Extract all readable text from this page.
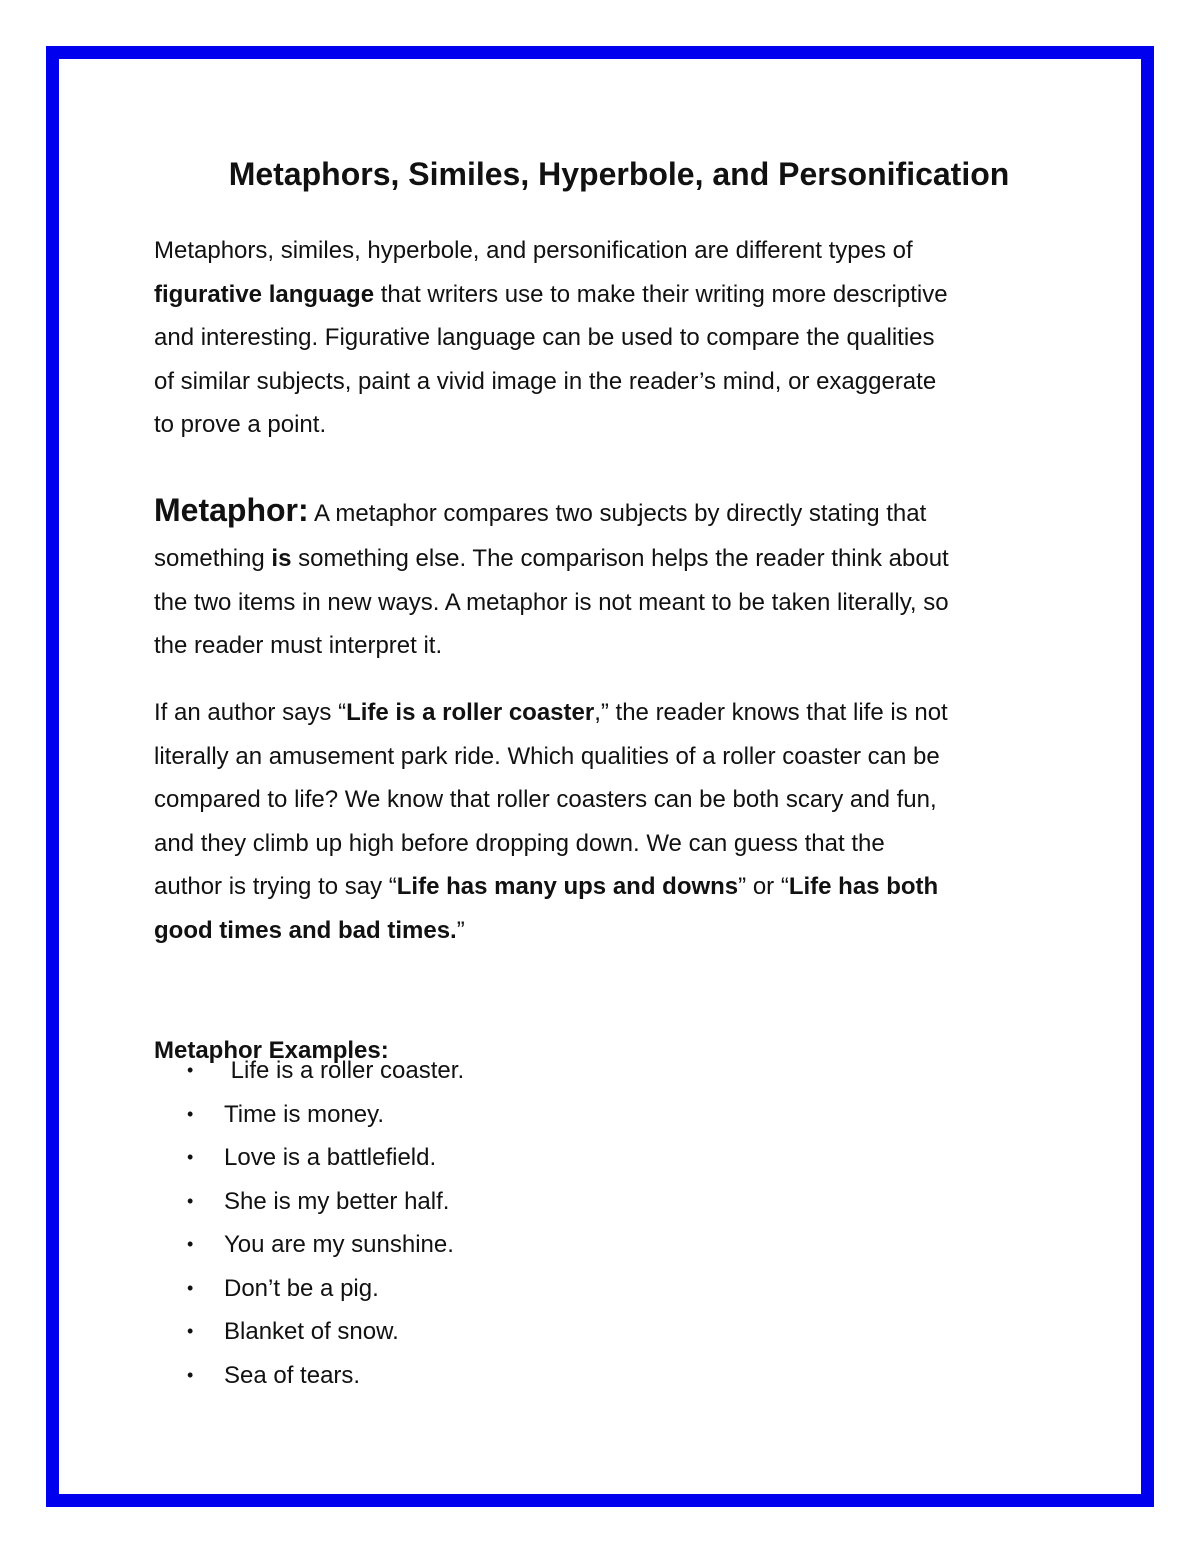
Metaphors, Similes, Hyperbole, and Personification

Metaphors, similes, hyperbole, and personification are different types of
figurative language that writers use to make their writing more descriptive
and interesting. Figurative language can be used to compare the qualities
of similar subjects, paint a vivid image in the reader’s mind, or exaggerate
to prove a point.

Metaphor: A metaphor compares two subjects by directly stating that
something is something else. The comparison helps the reader think about
the two items in new ways. A metaphor is not meant to be taken literally, so
the reader must interpret it.

If an author says “Life is a roller coaster,” the reader knows that life is not
literally an amusement park ride. Which qualities of a roller coaster can be
compared to life? We know that roller coasters can be both scary and fun,
and they climb up high before dropping down. We can guess that the
author is trying to say “Life has many ups and downs” or “Life has both
good times and bad times.”

Metaphor Examples:
• Life is a roller coaster.
• Time is money.
• Love is a battlefield.
• She is my better half.
• You are my sunshine.
• Don’t be a pig.
• Blanket of snow.
• Sea of tears.
